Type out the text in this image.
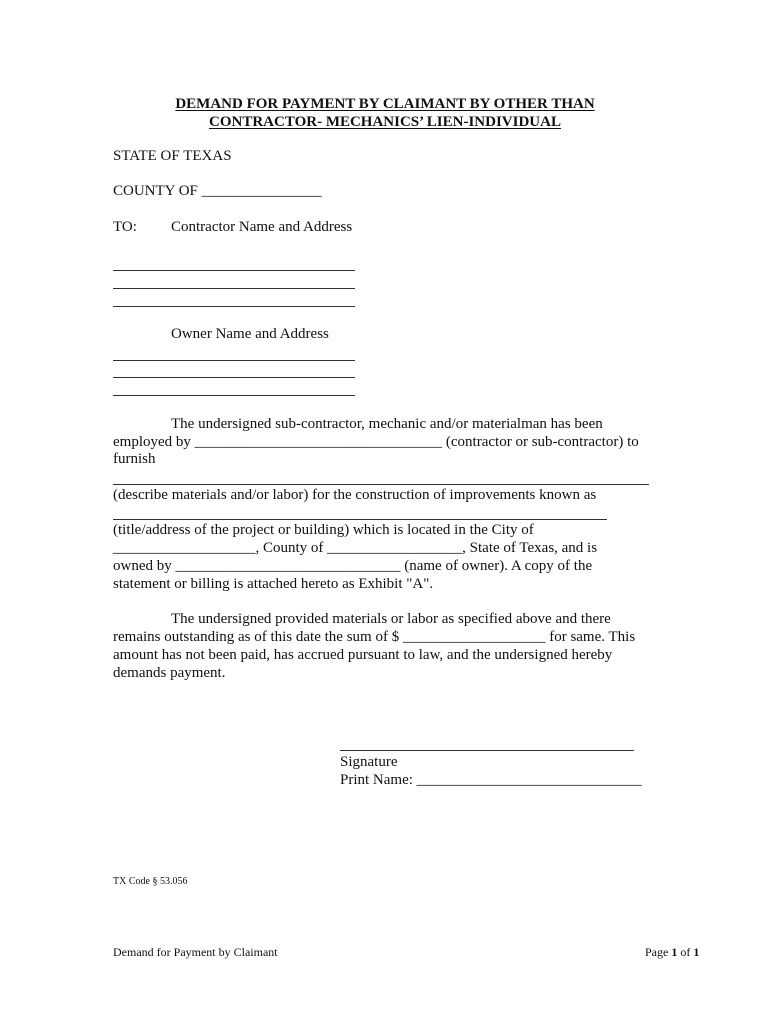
DEMAND FOR PAYMENT BY CLAIMANT BY OTHER THAN
CONTRACTOR- MECHANICS’ LIEN-INDIVIDUAL
STATE OF TEXAS
COUNTY OF ________________
TO: Contractor Name and Address
Owner Name and Address
The undersigned sub-contractor, mechanic and/or materialman has been
employed by _________________________________ (contractor or sub-contractor) to
furnish
(describe materials and/or labor) for the construction of improvements known as
(title/address of the project or building) which is located in the City of
___________________, County of __________________, State of Texas, and is
owned by ______________________________ (name of owner). A copy of the
statement or billing is attached hereto as Exhibit "A".
The undersigned provided materials or labor as specified above and there
remains outstanding as of this date the sum of $ ___________________ for same. This
amount has not been paid, has accrued pursuant to law, and the undersigned hereby
demands payment.
Signature
Print Name: ______________________________
TX Code § 53.056
Demand for Payment by Claimant	Page 1 of 1
